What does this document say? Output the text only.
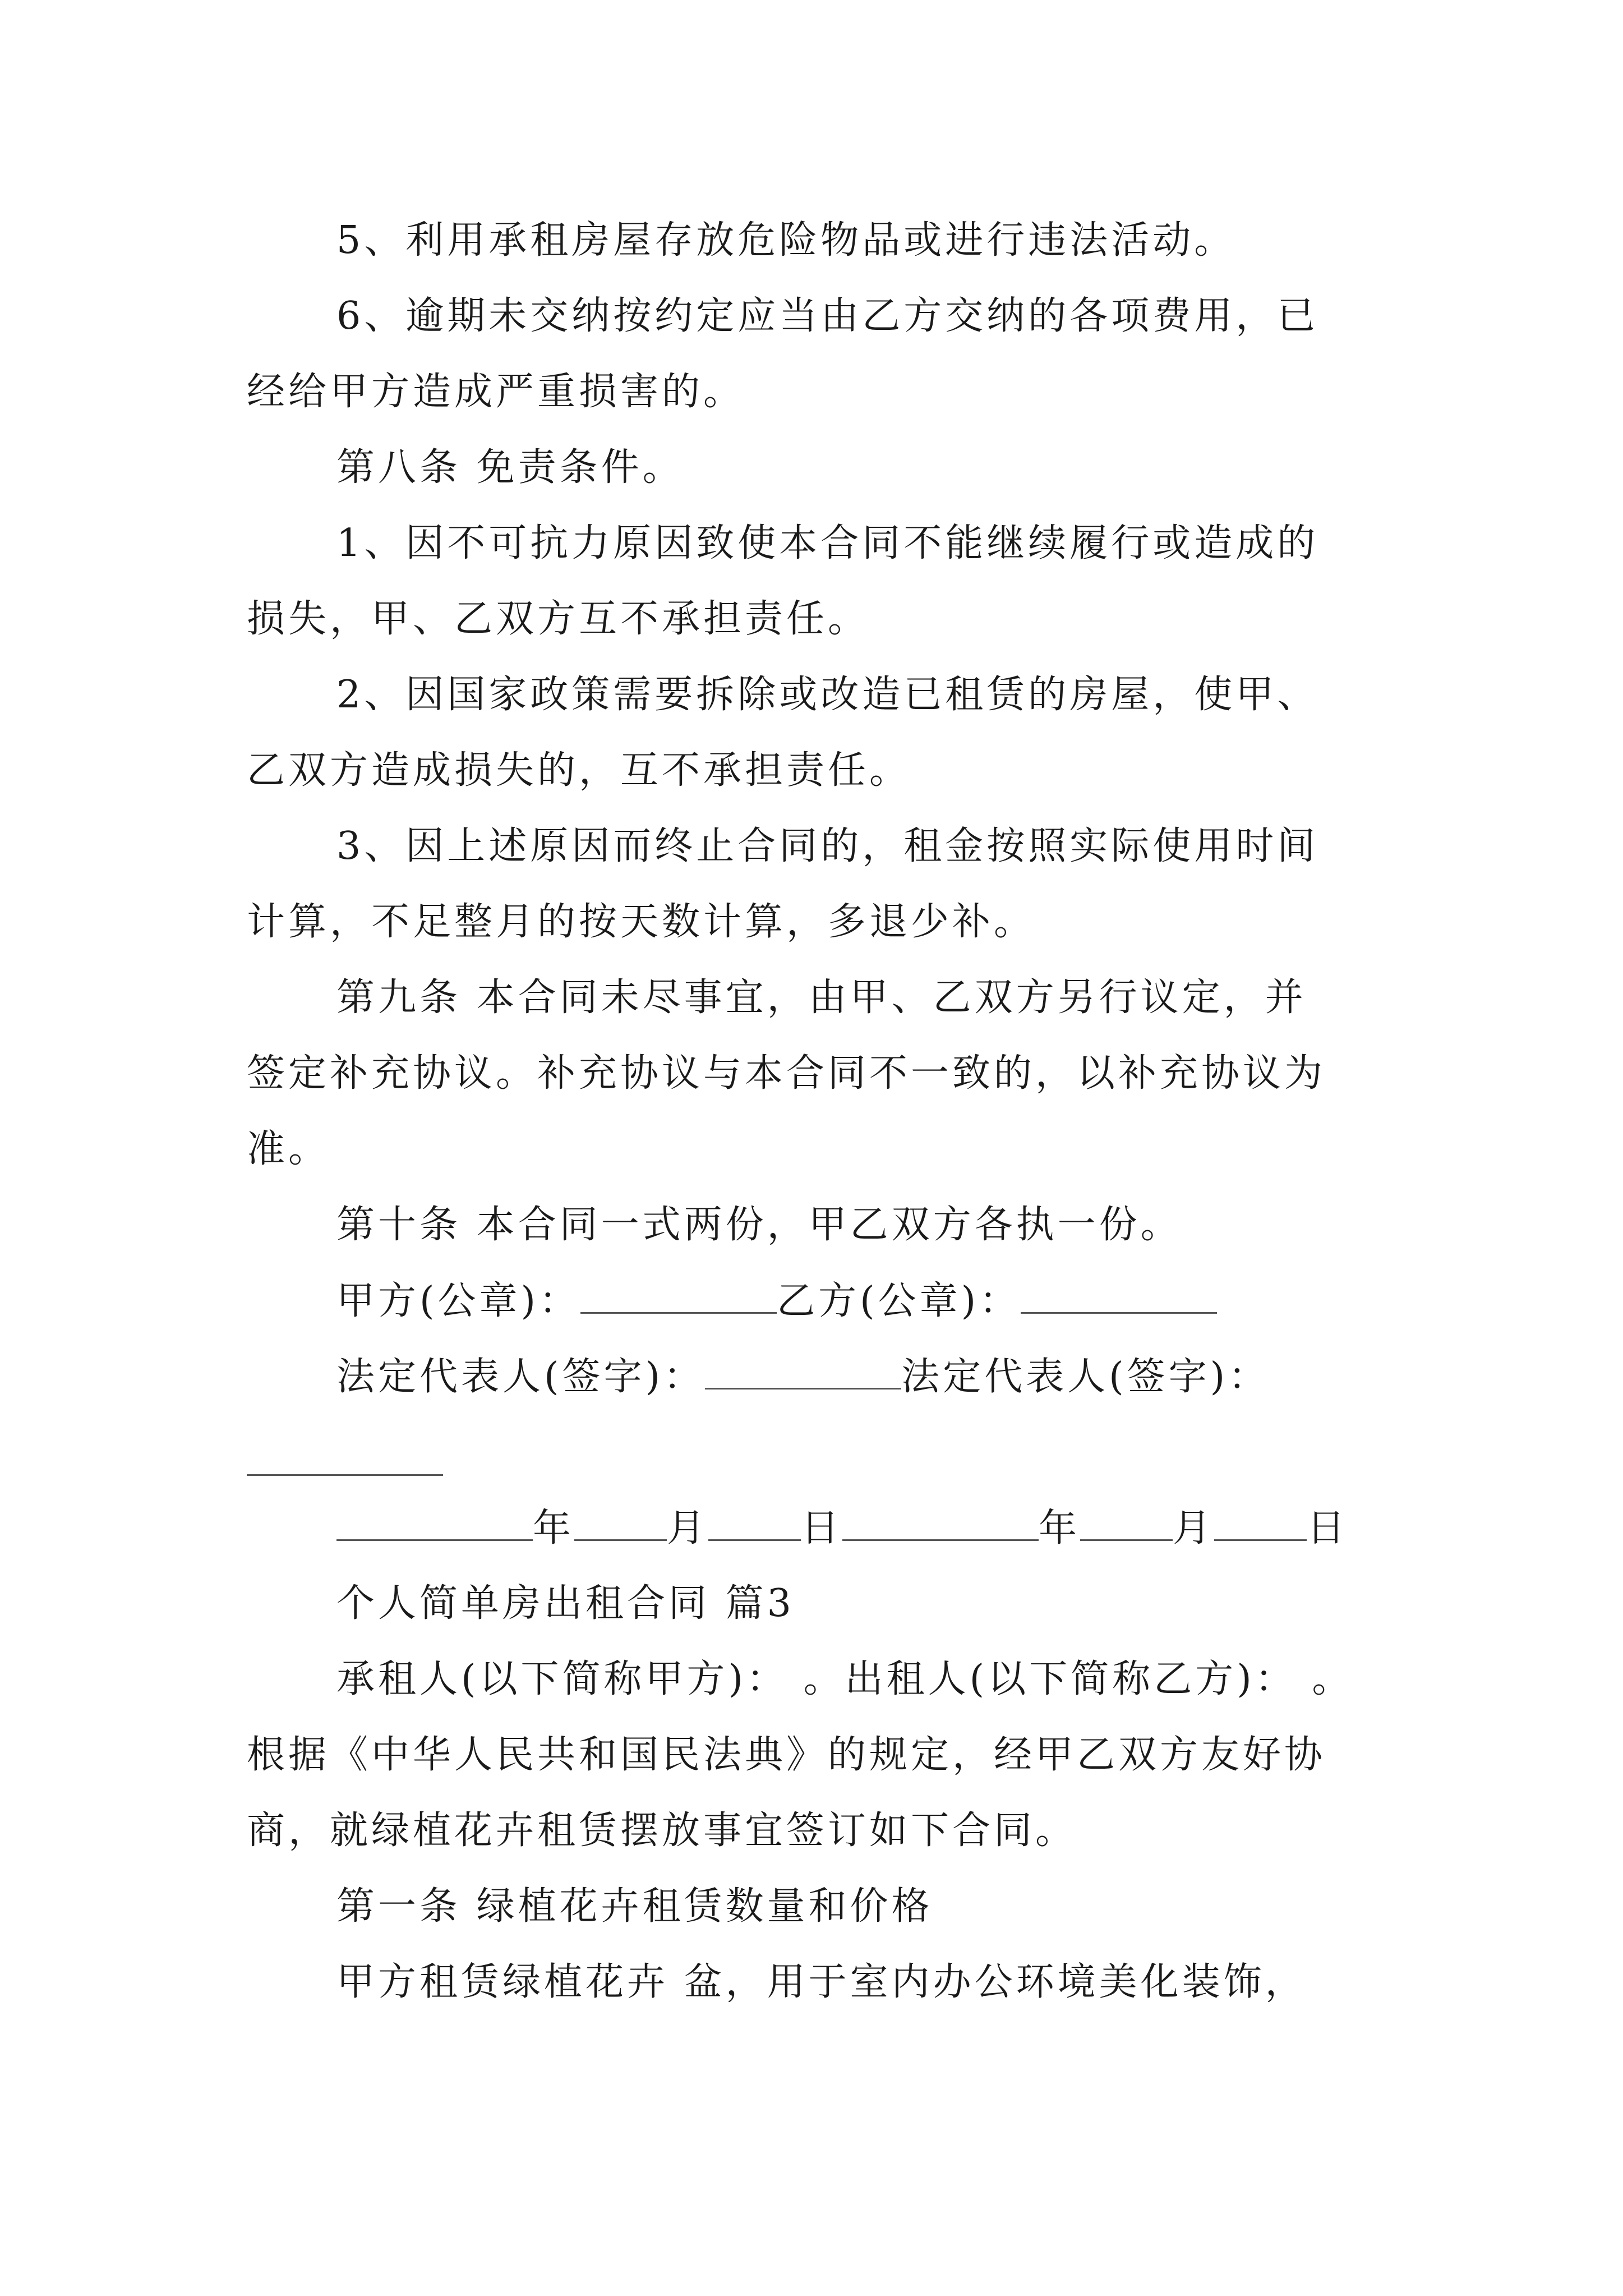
5、利用承租房屋存放危险物品或进行违法活动。
6、逾期未交纳按约定应当由乙方交纳的各项费用，已
经给甲方造成严重损害的。
第八条 免责条件。
1、因不可抗力原因致使本合同不能继续履行或造成的
损失，甲、乙双方互不承担责任。
2、因国家政策需要拆除或改造已租赁的房屋，使甲、
乙双方造成损失的，互不承担责任。
3、因上述原因而终止合同的，租金按照实际使用时间
计算，不足整月的按天数计算，多退少补。
第九条 本合同未尽事宜，由甲、乙双方另行议定，并
签定补充协议。补充协议与本合同不一致的，以补充协议为
准。
第十条 本合同一式两份，甲乙双方各执一份。
甲方(公章)：	乙方(公章)：
法定代表人(签字)：	法定代表人(签字)：
年 月 日	年 月 日
个人简单房出租合同 篇3
承租人(以下简称甲方)： 。出租人(以下简称乙方)： 。
根据《中华人民共和国民法典》的规定，经甲乙双方友好协
商，就绿植花卉租赁摆放事宜签订如下合同。
第一条 绿植花卉租赁数量和价格
甲方租赁绿植花卉 盆，用于室内办公环境美化装饰，
